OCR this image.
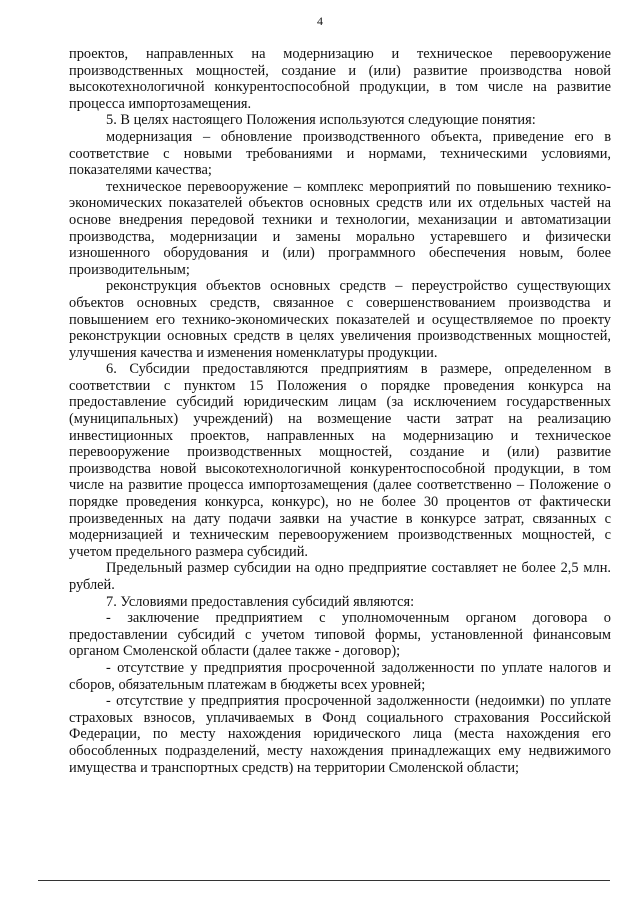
4

проектов, направленных на модернизацию и техническое перевооружение производственных мощностей, создание и (или) развитие производства новой высокотехнологичной конкурентоспособной продукции, в том числе на развитие процесса импортозамещения.

5. В целях настоящего Положения используются следующие понятия:

модернизация – обновление производственного объекта, приведение его в соответствие с новыми требованиями и нормами, техническими условиями, показателями качества;

техническое перевооружение – комплекс мероприятий по повышению технико-экономических показателей объектов основных средств или их отдельных частей на основе внедрения передовой техники и технологии, механизации и автоматизации производства, модернизации и замены морально устаревшего и физически изношенного оборудования и (или) программного обеспечения новым, более производительным;

реконструкция объектов основных средств – переустройство существующих объектов основных средств, связанное с совершенствованием производства и повышением его технико-экономических показателей и осуществляемое по проекту реконструкции основных средств в целях увеличения производственных мощностей, улучшения качества и изменения номенклатуры продукции.

6. Субсидии предоставляются предприятиям в размере, определенном в соответствии с пунктом 15 Положения о порядке проведения конкурса на предоставление субсидий юридическим лицам (за исключением государственных (муниципальных) учреждений) на возмещение части затрат на реализацию инвестиционных проектов, направленных на модернизацию и техническое перевооружение производственных мощностей, создание и (или) развитие производства новой высокотехнологичной конкурентоспособной продукции, в том числе на развитие процесса импортозамещения (далее соответственно – Положение о порядке проведения конкурса, конкурс), но не более 30 процентов от фактически произведенных на дату подачи заявки на участие в конкурсе затрат, связанных с модернизацией и техническим перевооружением производственных мощностей, с учетом предельного размера субсидий.

Предельный размер субсидии на одно предприятие составляет не более 2,5 млн. рублей.

7. Условиями предоставления субсидий являются:

- заключение предприятием с уполномоченным органом договора о предоставлении субсидий с учетом типовой формы, установленной финансовым органом Смоленской области (далее также - договор);

- отсутствие у предприятия просроченной задолженности по уплате налогов и сборов, обязательным платежам в бюджеты всех уровней;

- отсутствие у предприятия просроченной задолженности (недоимки) по уплате страховых взносов, уплачиваемых в Фонд социального страхования Российской Федерации, по месту нахождения юридического лица (места нахождения его обособленных подразделений, месту нахождения принадлежащих ему недвижимого имущества и транспортных средств) на территории Смоленской области;
